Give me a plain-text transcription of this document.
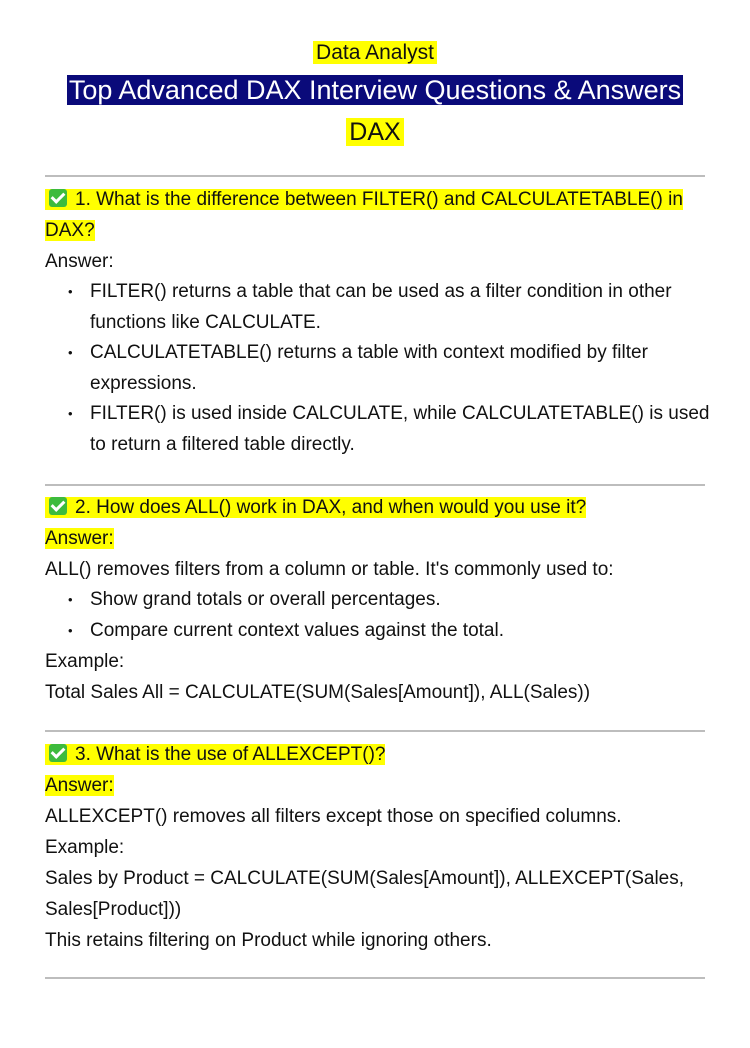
Data Analyst
Top Advanced DAX Interview Questions & Answers
DAX

1. What is the difference between FILTER() and CALCULATETABLE() in DAX?

Answer:

• FILTER() returns a table that can be used as a filter condition in other functions like CALCULATE.
• CALCULATETABLE() returns a table with context modified by filter expressions.
• FILTER() is used inside CALCULATE, while CALCULATETABLE() is used to return a filtered table directly.

2. How does ALL() work in DAX, and when would you use it?

Answer:

ALL() removes filters from a column or table. It's commonly used to:

• Show grand totals or overall percentages.
• Compare current context values against the total.

Example:

Total Sales All = CALCULATE(SUM(Sales[Amount]), ALL(Sales))

3. What is the use of ALLEXCEPT()?

Answer:

ALLEXCEPT() removes all filters except those on specified columns.

Example:

Sales by Product = CALCULATE(SUM(Sales[Amount]), ALLEXCEPT(Sales,

Sales[Product]))

This retains filtering on Product while ignoring others.
